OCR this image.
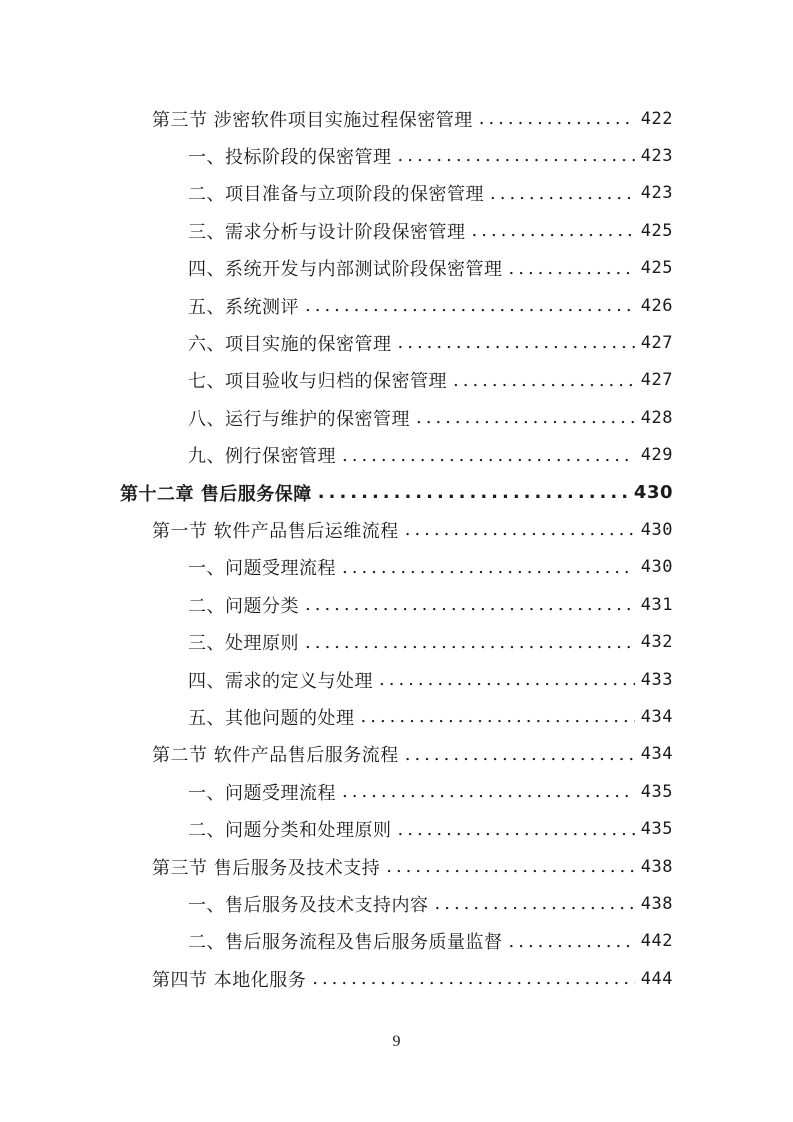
第三节 涉密软件项目实施过程保密管理 .....	422
一、投标阶段的保密管理 .....	423
二、项目准备与立项阶段的保密管理 .....	423
三、需求分析与设计阶段保密管理 .....	425
四、系统开发与内部测试阶段保密管理 .....	425
五、系统测评 .....	426
六、项目实施的保密管理 .....	427
七、项目验收与归档的保密管理 .....	427
八、运行与维护的保密管理 .....	428
九、例行保密管理 .....	429
第十二章 售后服务保障 .....	430
第一节 软件产品售后运维流程 .....	430
一、问题受理流程 .....	430
二、问题分类 .....	431
三、处理原则 .....	432
四、需求的定义与处理 .....	433
五、其他问题的处理 .....	434
第二节 软件产品售后服务流程 .....	434
一、问题受理流程 .....	435
二、问题分类和处理原则 .....	435
第三节 售后服务及技术支持 .....	438
一、售后服务及技术支持内容 .....	438
二、售后服务流程及售后服务质量监督 .....	442
第四节 本地化服务 .....	444
9
